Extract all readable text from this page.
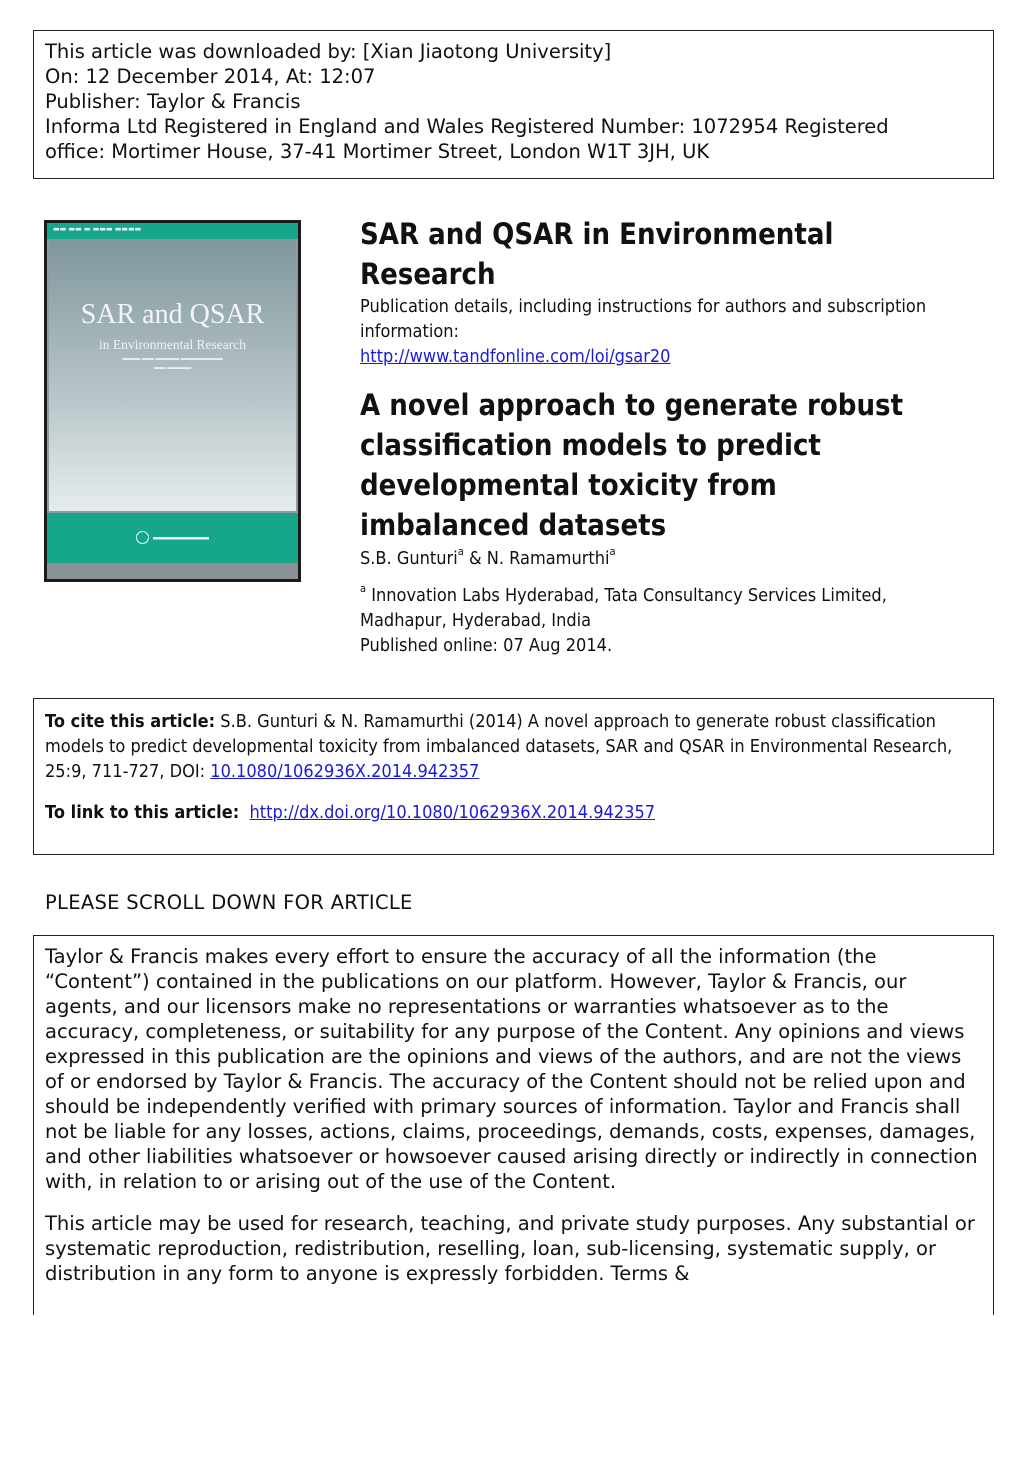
This article was downloaded by: [Xian Jiaotong University]
On: 12 December 2014, At: 12:07
Publisher: Taylor & Francis
Informa Ltd Registered in England and Wales Registered Number: 1072954 Registered
office: Mortimer House, 37-41 Mortimer Street, London W1T 3JH, UK
▬▬ ▬▬ ▬ ▬▬▬ ▬▬▬▬
SAR and QSAR
in Environmental Research
▬▬▬ ▬▬ ▬▬▬▬ ▬▬▬▬▬▬▬
▬▬ ▬▬▬▬
▬▬▬▬▬▬▬
SAR and QSAR in Environmental Research
Publication details, including instructions for authors and subscription information:
http://www.tandfonline.com/loi/gsar20
A novel approach to generate robust classification models to predict developmental toxicity from imbalanced datasets
S.B. Gunturi$^a$ & N. Ramamurthi$^a$
$^a$ Innovation Labs Hyderabad, Tata Consultancy Services Limited, Madhapur, Hyderabad, India
Published online: 07 Aug 2014.
To cite this article: S.B. Gunturi & N. Ramamurthi (2014) A novel approach to generate robust classification models to predict developmental toxicity from imbalanced datasets, SAR and QSAR in Environmental Research, 25:9, 711-727, DOI: 10.1080/1062936X.2014.942357
To link to this article: http://dx.doi.org/10.1080/1062936X.2014.942357
PLEASE SCROLL DOWN FOR ARTICLE

Taylor & Francis makes every effort to ensure the accuracy of all the information (the “Content”) contained in the publications on our platform. However, Taylor & Francis, our agents, and our licensors make no representations or warranties whatsoever as to the accuracy, completeness, or suitability for any purpose of the Content. Any opinions and views expressed in this publication are the opinions and views of the authors, and are not the views of or endorsed by Taylor & Francis. The accuracy of the Content should not be relied upon and should be independently verified with primary sources of information. Taylor and Francis shall not be liable for any losses, actions, claims, proceedings, demands, costs, expenses, damages, and other liabilities whatsoever or howsoever caused arising directly or indirectly in connection with, in relation to or arising out of the use of the Content.

This article may be used for research, teaching, and private study purposes. Any substantial or systematic reproduction, redistribution, reselling, loan, sub-licensing, systematic supply, or distribution in any form to anyone is expressly forbidden. Terms &
